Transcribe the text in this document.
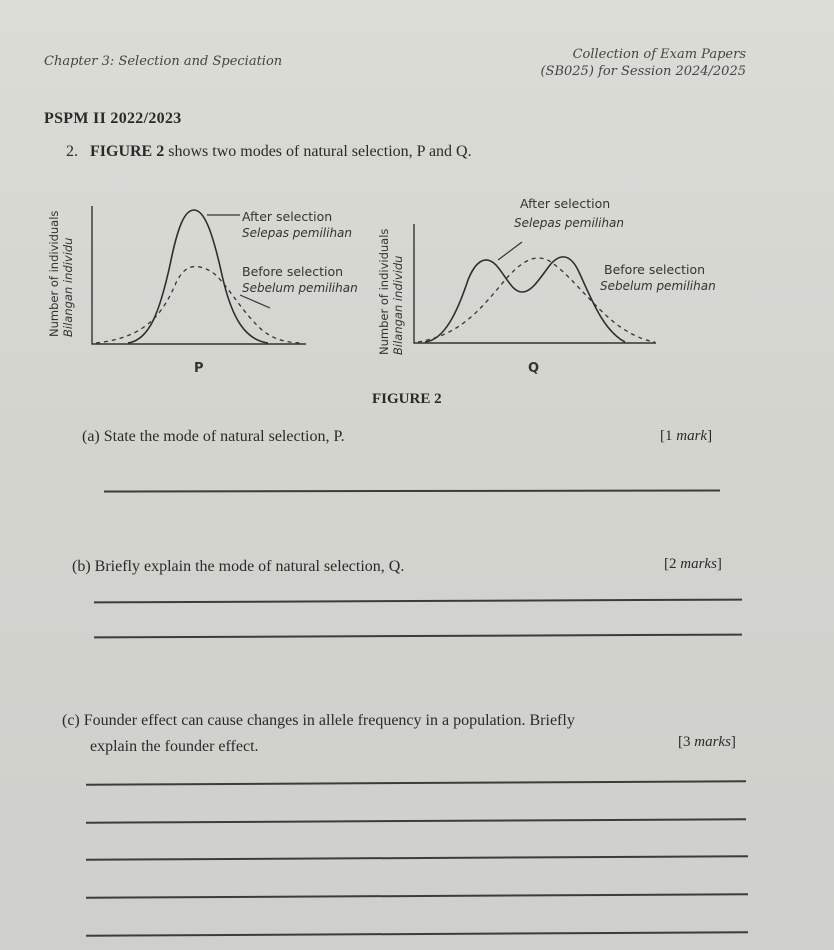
Chapter 3: Selection and Speciation	Collection of Exam Papers
(SB025) for Session 2024/2025
PSPM II 2022/2023
2. FIGURE 2 shows two modes of natural selection, P and Q.
Number of individuals Bilangan individu
After selection
Selepas pemilihan
Before selection
Sebelum pemilihan
P
Number of individuals Bilangan individu
After selection
Selepas pemilihan
Before selection
Sebelum pemilihan
Q
FIGURE 2
(a) State the mode of natural selection, P.	[1 mark]
(b) Briefly explain the mode of natural selection, Q.	[2 marks]
(c) Founder effect can cause changes in allele frequency in a population. Briefly
explain the founder effect.	[3 marks]
